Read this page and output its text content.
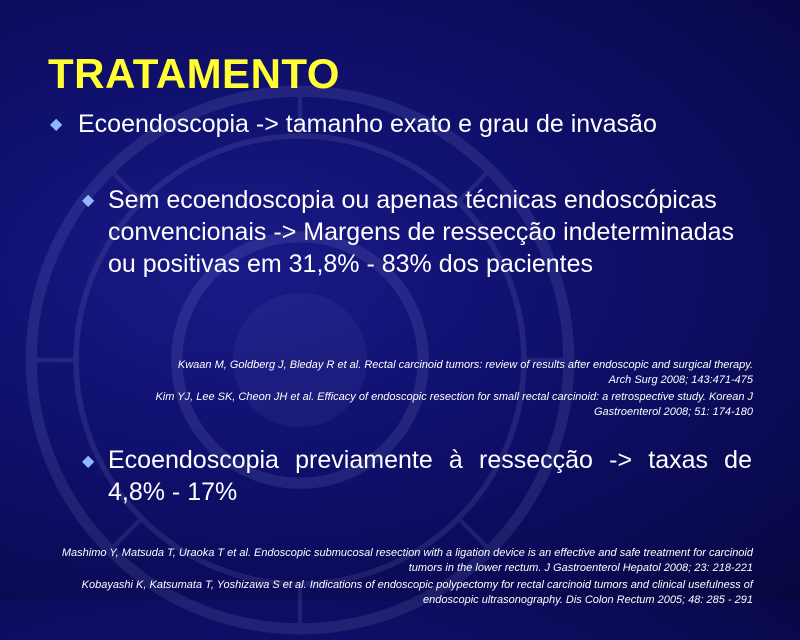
TRATAMENTO
◆ Ecoendoscopia -> tamanho exato e grau de invasão
◆ Sem ecoendoscopia ou apenas técnicas endoscópicas convencionais -> Margens de ressecção indeterminadas ou positivas em 31,8% - 83% dos pacientes
Kwaan M, Goldberg J, Bleday R et al. Rectal carcinoid tumors: review of results after endoscopic and surgical therapy. Arch Surg 2008; 143:471-475
Kim YJ, Lee SK, Cheon JH et al. Efficacy of endoscopic resection for small rectal carcinoid: a retrospective study. Korean J Gastroenterol 2008; 51: 174-180
◆ Ecoendoscopia previamente à ressecção -> taxas de 4,8% - 17%
Mashimo Y, Matsuda T, Uraoka T et al. Endoscopic submucosal resection with a ligation device is an effective and safe treatment for carcinoid tumors in the lower rectum. J Gastroenterol Hepatol 2008; 23: 218-221
Kobayashi K, Katsumata T, Yoshizawa S et al. Indications of endoscopic polypectomy for rectal carcinoid tumors and clinical usefulness of endoscopic ultrasonography. Dis Colon Rectum 2005; 48: 285 - 291
